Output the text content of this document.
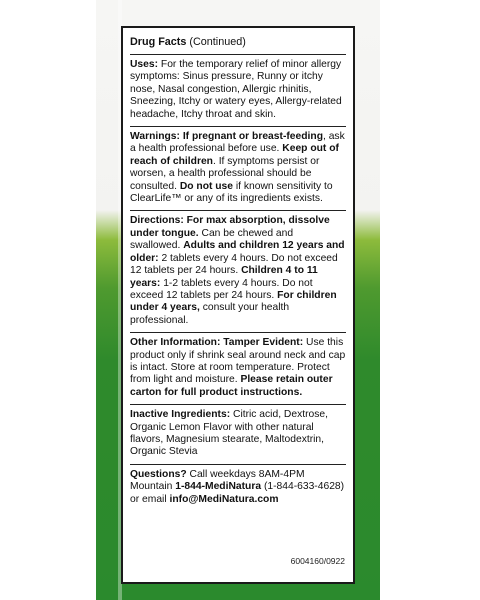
Drug Facts (Continued)
Uses: For the temporary relief of minor allergy symptoms: Sinus pressure, Runny or itchy nose, Nasal congestion, Allergic rhinitis, Sneezing, Itchy or watery eyes, Allergy-related headache, Itchy throat and skin.
Warnings: If pregnant or breast-feeding, ask a health professional before use. Keep out of reach of children. If symptoms persist or worsen, a health professional should be consulted. Do not use if known sensitivity to ClearLife™ or any of its ingredients exists.
Directions: For max absorption, dissolve under tongue. Can be chewed and swallowed. Adults and children 12 years and older: 2 tablets every 4 hours. Do not exceed 12 tablets per 24 hours. Children 4 to 11 years: 1-2 tablets every 4 hours. Do not exceed 12 tablets per 24 hours. For children under 4 years, consult your health professional.
Other Information: Tamper Evident: Use this product only if shrink seal around neck and cap is intact. Store at room temperature. Protect from light and moisture. Please retain outer carton for full product instructions.
Inactive Ingredients: Citric acid, Dextrose, Organic Lemon Flavor with other natural flavors, Magnesium stearate, Maltodextrin, Organic Stevia
Questions? Call weekdays 8AM-4PM Mountain 1-844-MediNatura (1-844-633-4628) or email info@MediNatura.com
6004160/0922
